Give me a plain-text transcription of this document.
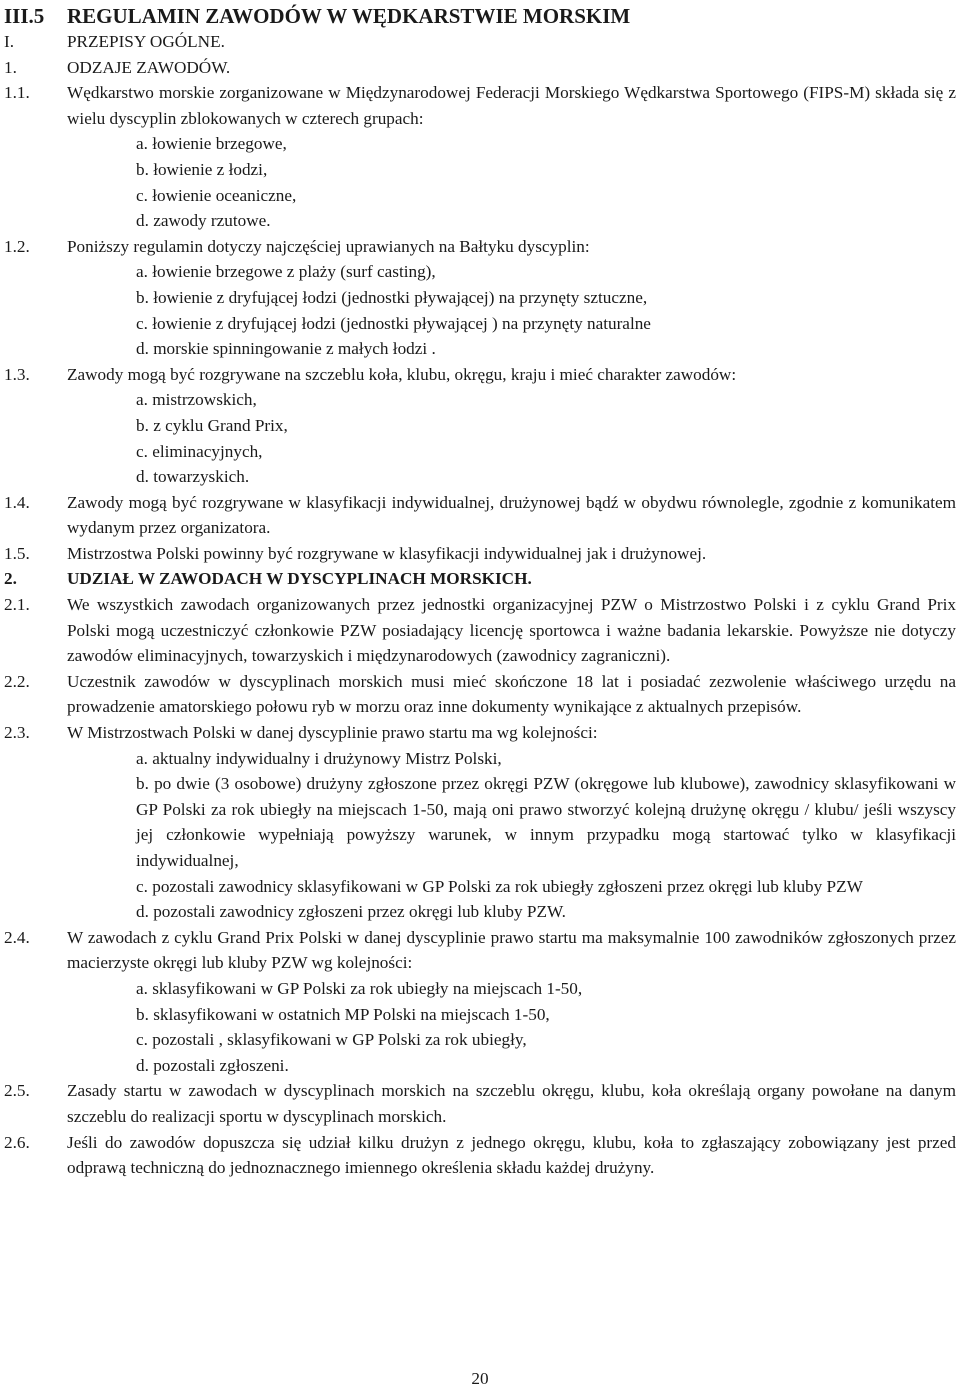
III.5	REGULAMIN ZAWODÓW W WĘDKARSTWIE MORSKIM
I.	PRZEPISY OGÓLNE.
1.	ODZAJE ZAWODÓW.
1.1.	Wędkarstwo morskie zorganizowane w Międzynarodowej Federacji Morskiego Wędkarstwa Sportowego (FIPS-M) składa się z wielu dyscyplin zblokowanych w czterech grupach:
a. łowienie brzegowe,
b. łowienie z łodzi,
c. łowienie oceaniczne,
d. zawody rzutowe.
1.2.	Poniższy regulamin dotyczy najczęściej uprawianych na Bałtyku dyscyplin:
a. łowienie brzegowe z plaży (surf casting),
b. łowienie z dryfującej łodzi (jednostki pływającej) na przynęty sztuczne,
c. łowienie z dryfującej łodzi (jednostki pływającej ) na przynęty naturalne
d. morskie spinningowanie z małych łodzi .
1.3.	Zawody mogą być rozgrywane na szczeblu koła, klubu, okręgu, kraju i mieć charakter zawodów:
a. mistrzowskich,
b. z cyklu Grand Prix,
c. eliminacyjnych,
d. towarzyskich.
1.4.	Zawody mogą być rozgrywane w klasyfikacji indywidualnej, drużynowej bądź w obydwu równolegle, zgodnie z komunikatem wydanym przez organizatora.
1.5.	Mistrzostwa Polski powinny być rozgrywane w klasyfikacji indywidualnej jak i drużynowej.
2.	UDZIAŁ W ZAWODACH W DYSCYPLINACH MORSKICH.
2.1.	We wszystkich zawodach organizowanych przez jednostki organizacyjnej PZW o Mistrzostwo Polski i z cyklu Grand Prix Polski mogą uczestniczyć członkowie PZW posiadający licencję sportowca i ważne badania lekarskie. Powyższe nie dotyczy zawodów eliminacyjnych, towarzyskich i międzynarodowych (zawodnicy zagraniczni).
2.2.	Uczestnik zawodów w dyscyplinach morskich musi mieć skończone 18 lat i posiadać zezwolenie właściwego urzędu na prowadzenie amatorskiego połowu ryb w morzu oraz inne dokumenty wynikające z aktualnych przepisów.
2.3.	W Mistrzostwach Polski w danej dyscyplinie prawo startu ma wg kolejności:
a. aktualny indywidualny i drużynowy Mistrz Polski,
b. po dwie (3 osobowe) drużyny zgłoszone przez okręgi PZW (okręgowe lub klubowe), zawodnicy sklasyfikowani w GP Polski za rok ubiegły na miejscach 1-50, mają oni prawo stworzyć kolejną drużynę okręgu / klubu/ jeśli wszyscy jej członkowie wypełniają powyższy warunek, w innym przypadku mogą startować tylko w klasyfikacji indywidualnej,
c. pozostali zawodnicy sklasyfikowani w GP Polski za rok ubiegły zgłoszeni przez okręgi lub kluby PZW
d. pozostali zawodnicy zgłoszeni przez okręgi lub kluby PZW.
2.4.	W zawodach z cyklu Grand Prix Polski w danej dyscyplinie prawo startu ma maksymalnie 100 zawodników zgłoszonych przez macierzyste okręgi lub kluby PZW wg kolejności:
a. sklasyfikowani w GP Polski za rok ubiegły na miejscach 1-50,
b. sklasyfikowani w ostatnich MP Polski na miejscach 1-50,
c. pozostali , sklasyfikowani w GP Polski za rok ubiegły,
d. pozostali zgłoszeni.
2.5.	Zasady startu w zawodach w dyscyplinach morskich na szczeblu okręgu, klubu, koła określają organy powołane na danym szczeblu do realizacji sportu w dyscyplinach morskich.
2.6.	Jeśli do zawodów dopuszcza się udział kilku drużyn z jednego okręgu, klubu, koła to zgłaszający zobowiązany jest przed odprawą techniczną do jednoznacznego imiennego określenia składu każdej drużyny.
20
